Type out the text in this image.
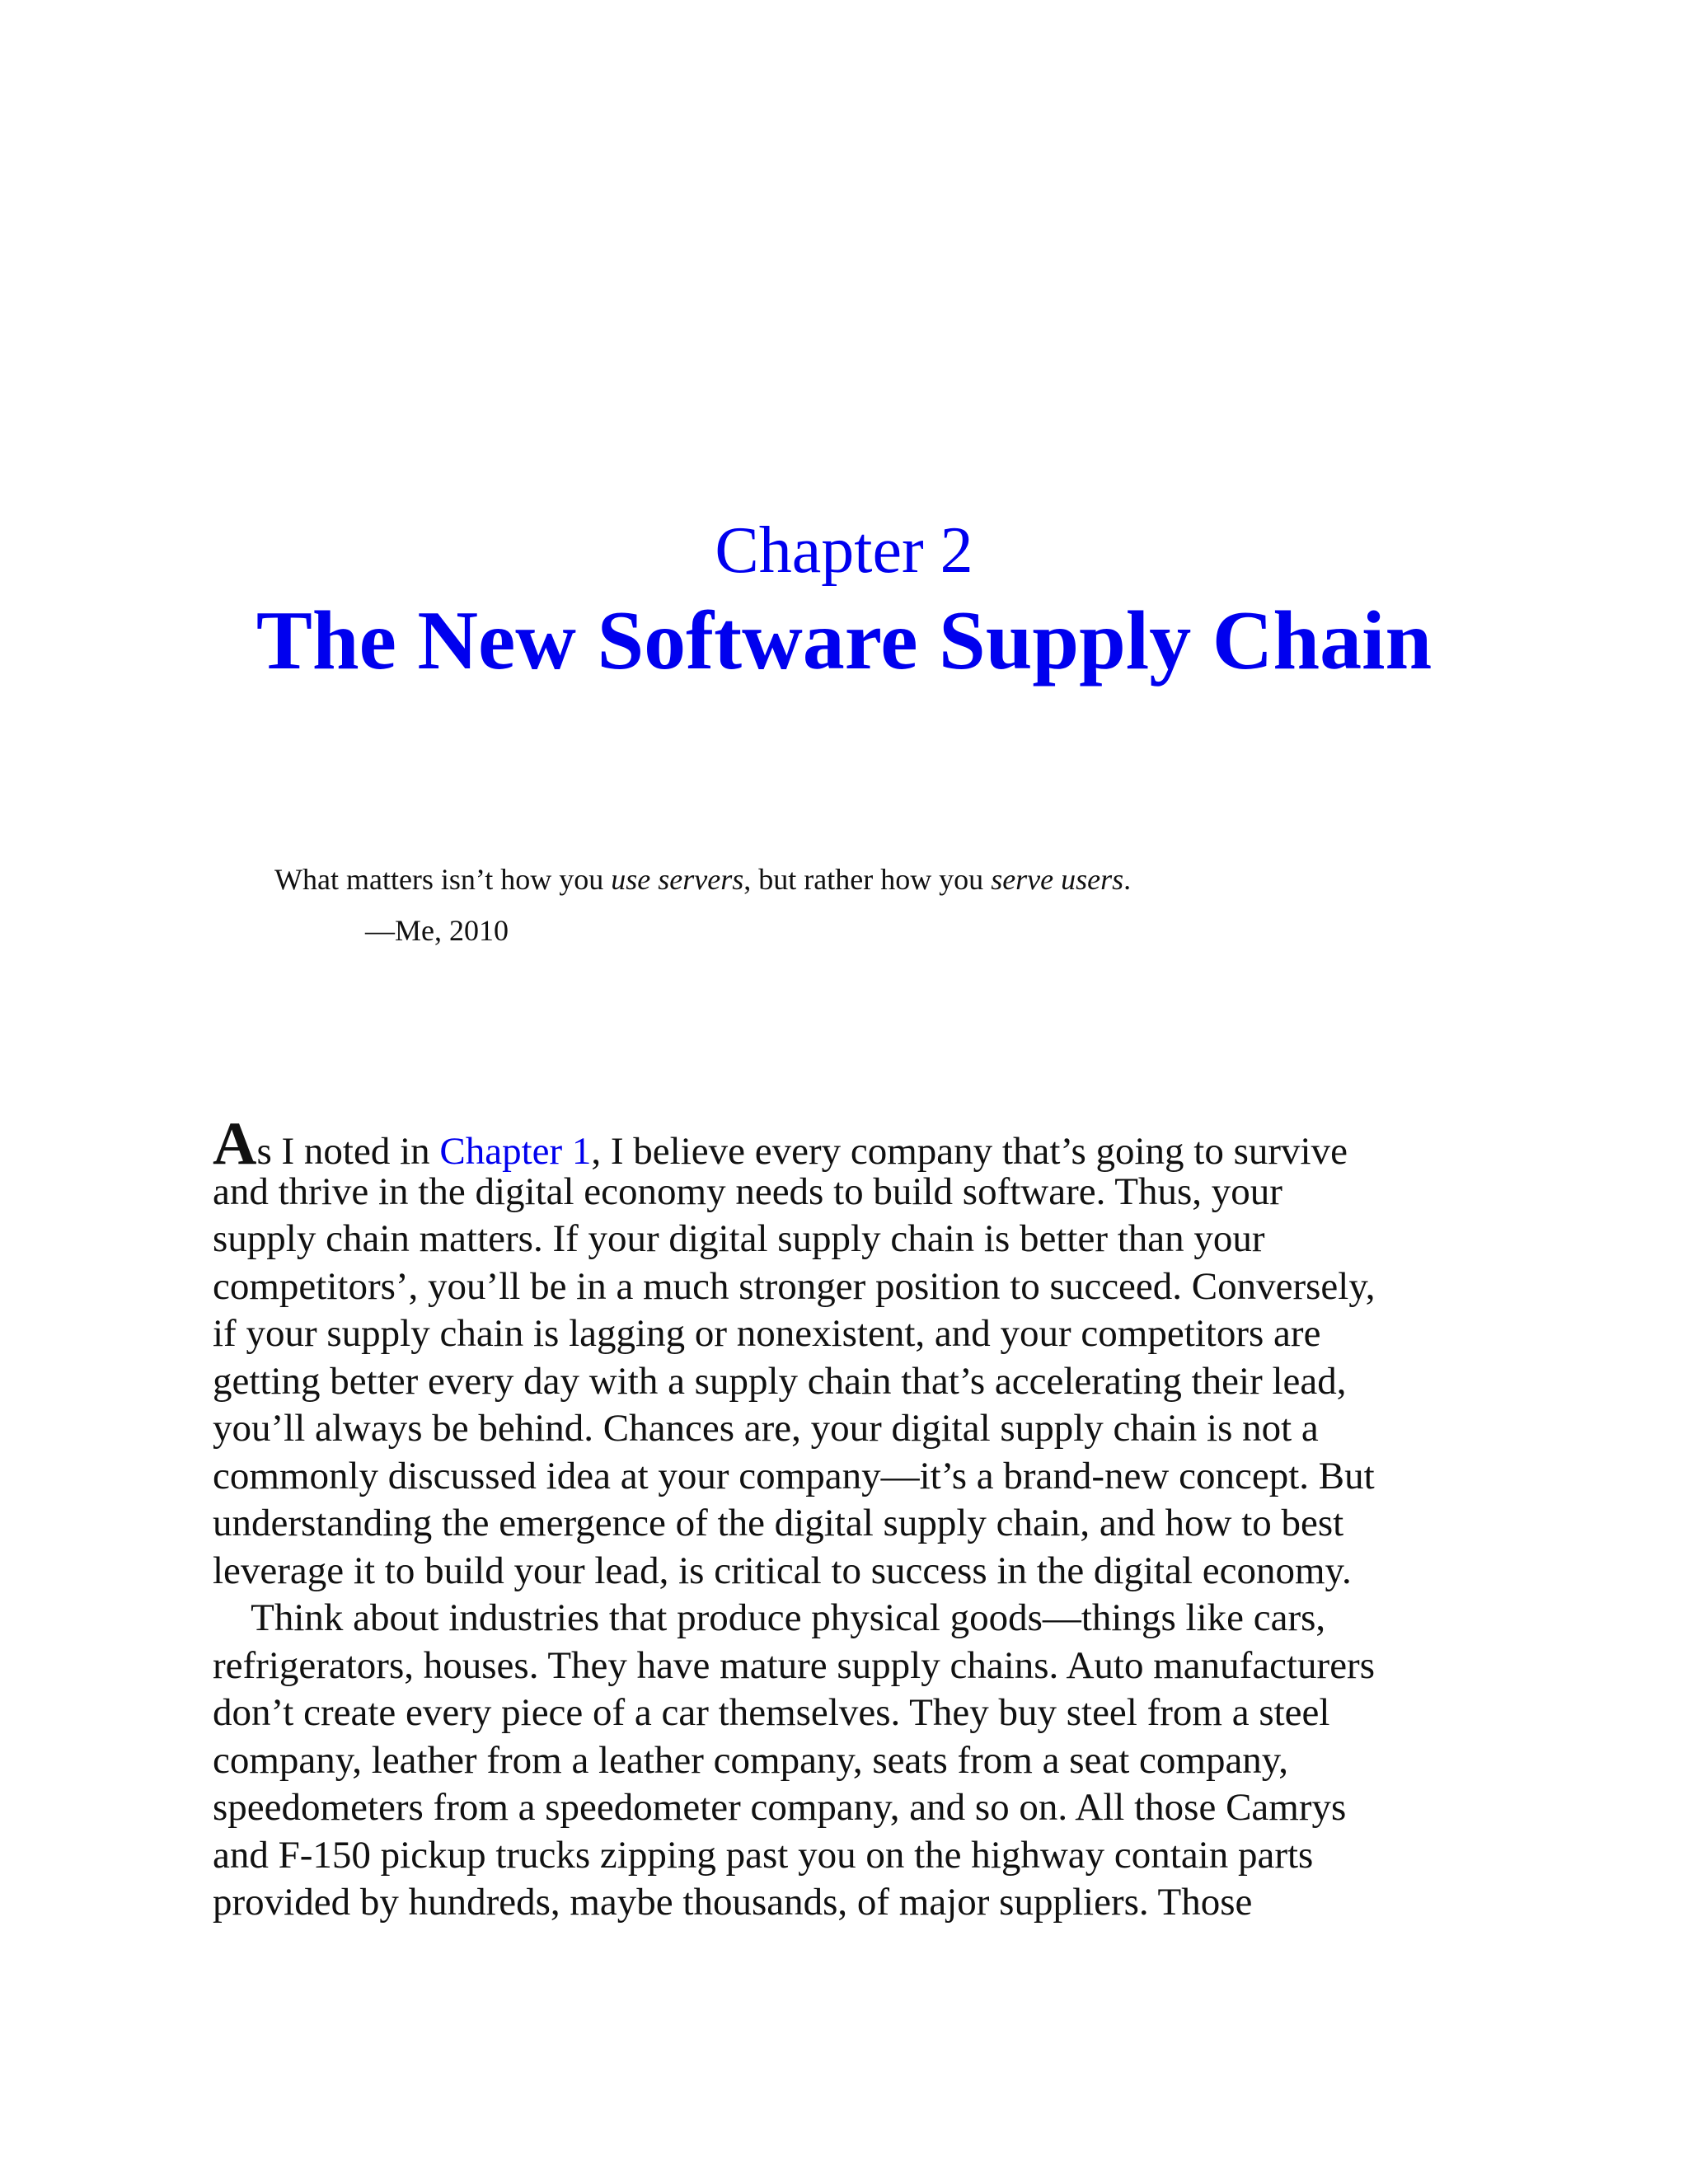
Chapter 2
The New Software Supply Chain

What matters isn’t how you use servers, but rather how you serve users.

—Me, 2010

As I noted in Chapter 1, I believe every company that’s going to survive
and thrive in the digital economy needs to build software. Thus, your
supply chain matters. If your digital supply chain is better than your
competitors’, you’ll be in a much stronger position to succeed. Conversely,
if your supply chain is lagging or nonexistent, and your competitors are
getting better every day with a supply chain that’s accelerating their lead,
you’ll always be behind. Chances are, your digital supply chain is not a
commonly discussed idea at your company—it’s a brand-new concept. But
understanding the emergence of the digital supply chain, and how to best
leverage it to build your lead, is critical to success in the digital economy.
Think about industries that produce physical goods—things like cars,
refrigerators, houses. They have mature supply chains. Auto manufacturers
don’t create every piece of a car themselves. They buy steel from a steel
company, leather from a leather company, seats from a seat company,
speedometers from a speedometer company, and so on. All those Camrys
and F-150 pickup trucks zipping past you on the highway contain parts
provided by hundreds, maybe thousands, of major suppliers. Those
